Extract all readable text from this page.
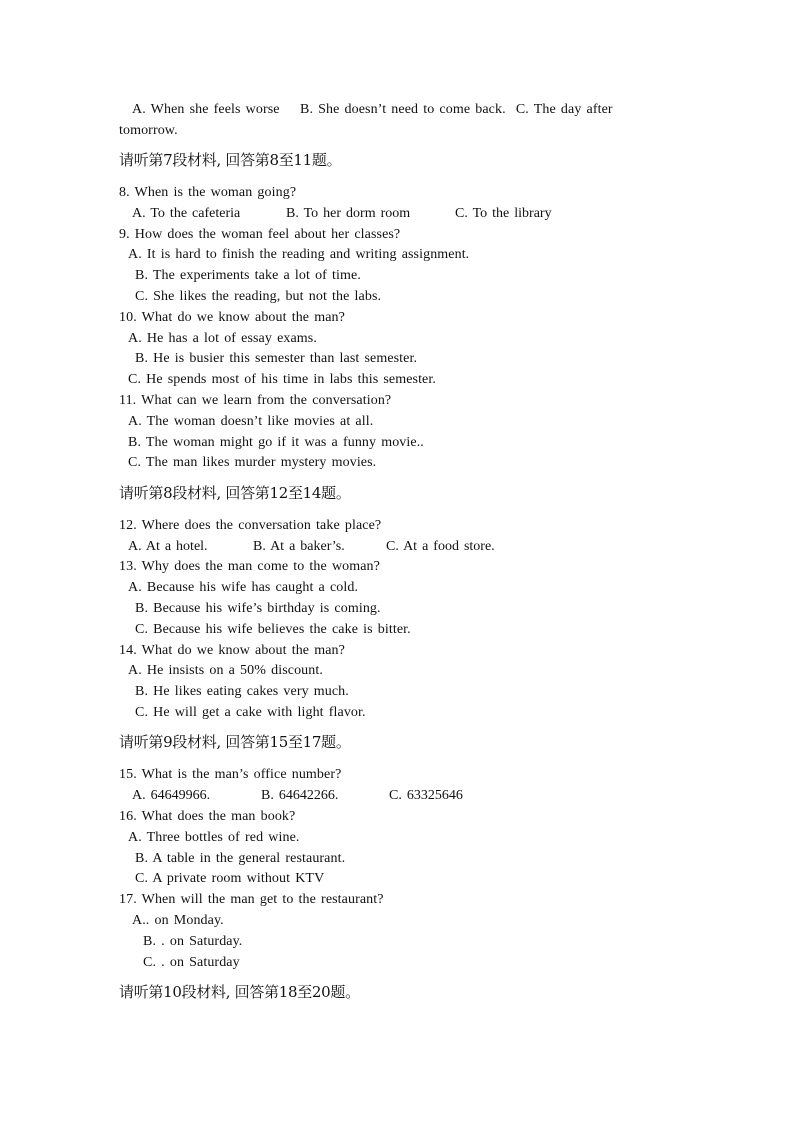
A. When she feels worse    B. She doesn’t need to come back.  C. The day after
tomorrow.
请听第7段材料, 回答第8至11题。
8. When is the woman going?
A. To the cafeteria	B. To her dorm room	C. To the library
9. How does the woman feel about her classes?
A. It is hard to finish the reading and writing assignment.
B. The experiments take a lot of time.
C. She likes the reading, but not the labs.
10. What do we know about the man?
A. He has a lot of essay exams.
B. He is busier this semester than last semester.
C. He spends most of his time in labs this semester.
11. What can we learn from the conversation?
A. The woman doesn’t like movies at all.
B. The woman might go if it was a funny movie..
C. The man likes murder mystery movies.
请听第8段材料, 回答第12至14题。
12. Where does the conversation take place?
A. At a hotel.	B. At a baker’s.	C. At a food store.
13. Why does the man come to the woman?
A. Because his wife has caught a cold.
B. Because his wife’s birthday is coming.
C. Because his wife believes the cake is bitter.
14. What do we know about the man?
A. He insists on a 50% discount.
B. He likes eating cakes very much.
C. He will get a cake with light flavor.
请听第9段材料, 回答第15至17题。
15. What is the man’s office number?
A. 64649966.	B. 64642266.	C. 63325646
16. What does the man book?
A. Three bottles of red wine.
B. A table in the general restaurant.
C. A private room without KTV
17. When will the man get to the restaurant?
A.. on Monday.
B. . on Saturday.
C. . on Saturday
请听第10段材料, 回答第18至20题。
